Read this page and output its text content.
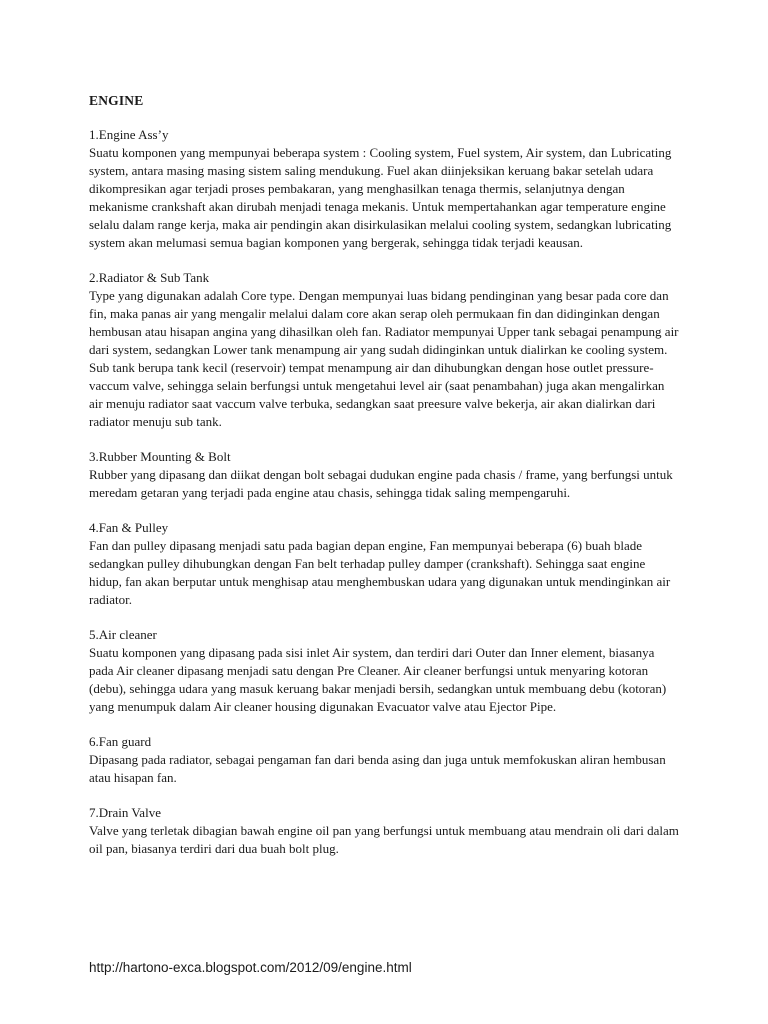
ENGINE
1.Engine Ass’y
Suatu komponen yang mempunyai beberapa system : Cooling system, Fuel system, Air system, dan Lubricating system, antara masing masing sistem saling mendukung. Fuel akan diinjeksikan keruang bakar setelah udara dikompresikan agar terjadi proses pembakaran, yang menghasilkan tenaga thermis, selanjutnya dengan mekanisme crankshaft akan dirubah menjadi tenaga mekanis. Untuk mempertahankan agar temperature engine selalu dalam range kerja, maka air pendingin akan disirkulasikan melalui cooling system, sedangkan lubricating system akan melumasi semua bagian komponen yang bergerak, sehingga tidak terjadi keausan.
2.Radiator & Sub Tank
Type yang digunakan adalah Core type. Dengan mempunyai luas bidang pendinginan yang besar pada core dan fin, maka panas air yang mengalir melalui dalam core akan serap oleh permukaan fin dan didinginkan dengan hembusan atau hisapan angina yang dihasilkan oleh fan. Radiator mempunyai Upper tank sebagai penampung air dari system, sedangkan Lower tank menampung air yang sudah didinginkan untuk dialirkan ke cooling system.
Sub tank berupa tank kecil (reservoir) tempat menampung air dan dihubungkan dengan hose outlet pressure-vaccum valve, sehingga selain berfungsi untuk mengetahui level air (saat penambahan) juga akan mengalirkan air menuju radiator saat vaccum valve terbuka, sedangkan saat preesure valve bekerja, air akan dialirkan dari radiator menuju sub tank.
3.Rubber Mounting & Bolt
Rubber yang dipasang dan diikat dengan bolt sebagai dudukan engine pada chasis / frame, yang berfungsi untuk meredam getaran yang terjadi pada engine atau chasis, sehingga tidak saling mempengaruhi.
4.Fan & Pulley
Fan dan pulley dipasang menjadi satu pada bagian depan engine, Fan mempunyai beberapa (6) buah blade sedangkan pulley dihubungkan dengan Fan belt terhadap pulley damper (crankshaft). Sehingga saat engine hidup, fan akan berputar untuk menghisap atau menghembuskan udara yang digunakan untuk mendinginkan air radiator.
5.Air cleaner
Suatu komponen yang dipasang pada sisi inlet Air system, dan terdiri dari Outer dan Inner element, biasanya pada Air cleaner dipasang menjadi satu dengan Pre Cleaner. Air cleaner berfungsi untuk menyaring kotoran (debu), sehingga udara yang masuk keruang bakar menjadi bersih, sedangkan untuk membuang debu (kotoran) yang menumpuk dalam Air cleaner housing digunakan Evacuator valve atau Ejector Pipe.
6.Fan guard
Dipasang pada radiator, sebagai pengaman fan dari benda asing dan juga untuk memfokuskan aliran hembusan atau hisapan fan.
7.Drain Valve
Valve yang terletak dibagian bawah engine oil pan yang berfungsi untuk membuang atau mendrain oli dari dalam oil pan, biasanya terdiri dari dua buah bolt plug.
http://hartono-exca.blogspot.com/2012/09/engine.html
